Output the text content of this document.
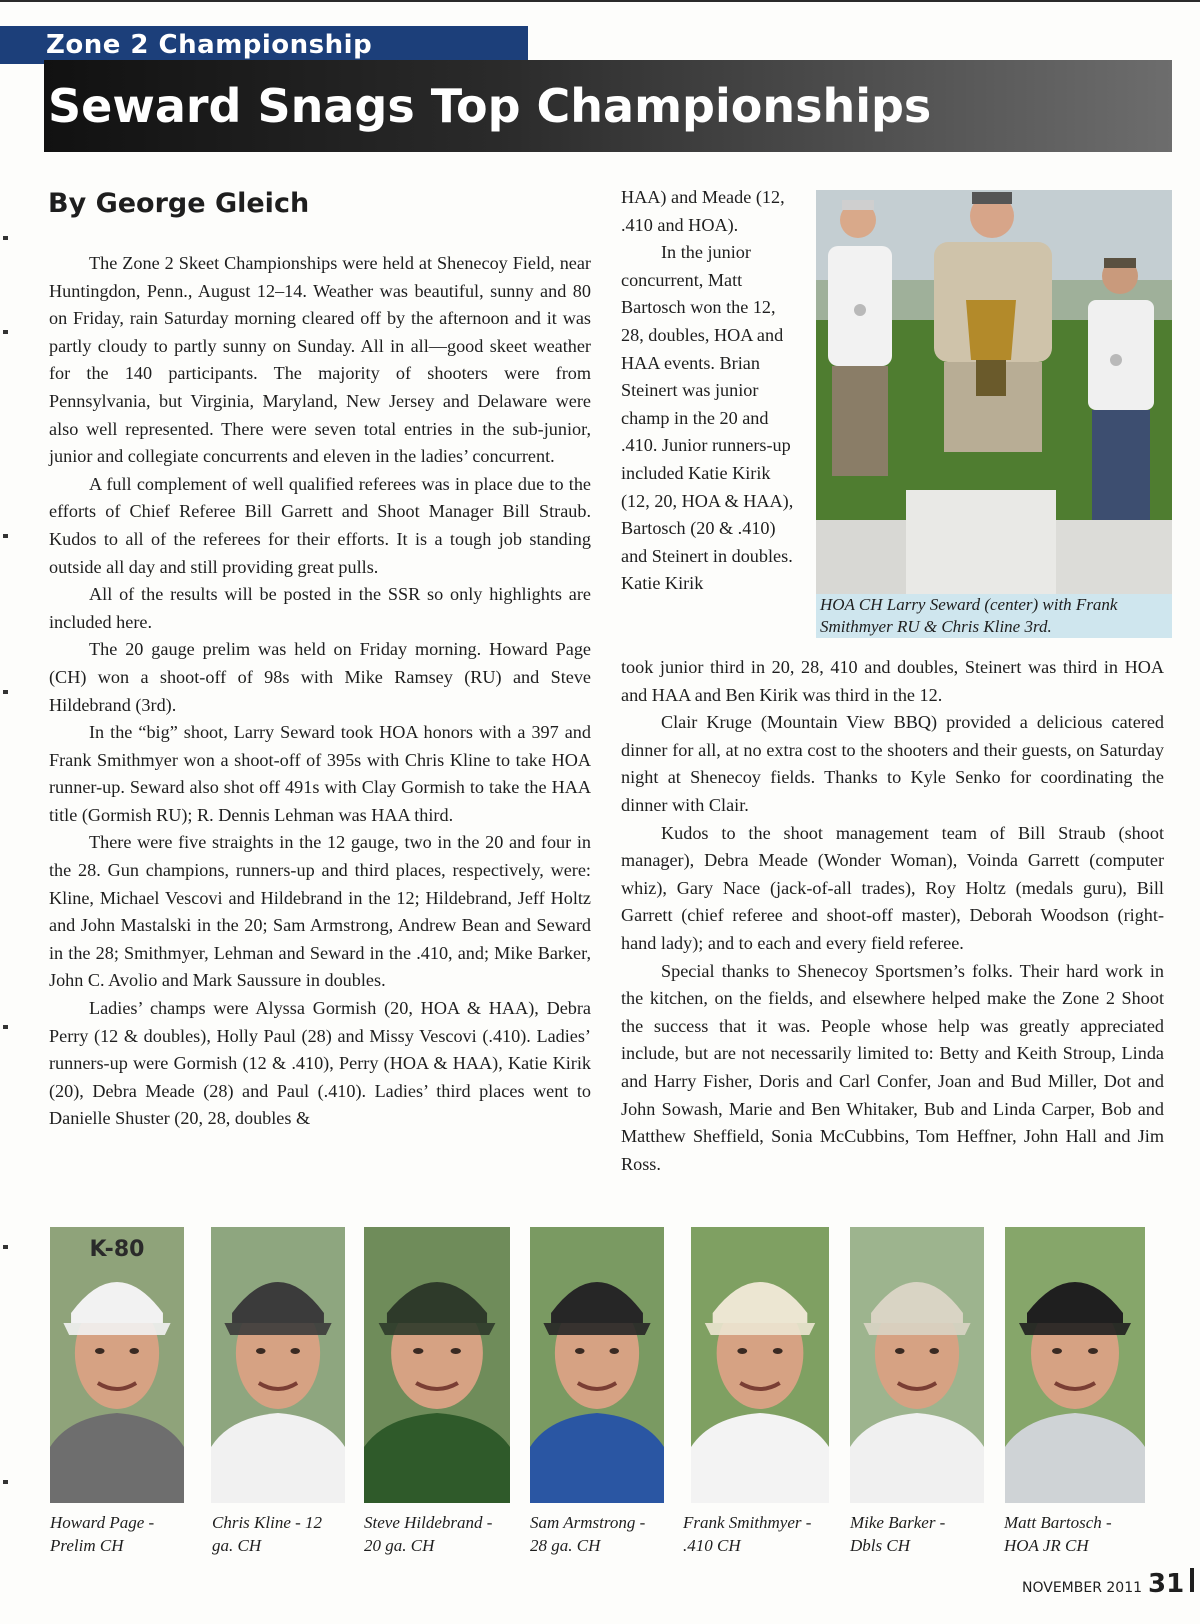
Zone 2 Championship
Seward Snags Top Championships
By George Gleich

The Zone 2 Skeet Championships were held at Shenecoy Field, near Huntingdon, Penn., August 12–14. Weather was beautiful, sunny and 80 on Friday, rain Saturday morning cleared off by the afternoon and it was partly cloudy to partly sunny on Sunday. All in all—good skeet weather for the 140 participants. The majority of shooters were from Pennsylvania, but Virginia, Maryland, New Jersey and Delaware were also well represented. There were seven total entries in the sub-junior, junior and collegiate concurrents and eleven in the ladies’ concurrent.

A full complement of well qualified referees was in place due to the efforts of Chief Referee Bill Garrett and Shoot Manager Bill Straub. Kudos to all of the referees for their efforts. It is a tough job standing outside all day and still providing great pulls.

All of the results will be posted in the SSR so only highlights are included here.

The 20 gauge prelim was held on Friday morning. Howard Page (CH) won a shoot-off of 98s with Mike Ramsey (RU) and Steve Hildebrand (3rd).

In the “big” shoot, Larry Seward took HOA honors with a 397 and Frank Smithmyer won a shoot-off of 395s with Chris Kline to take HOA runner-up. Seward also shot off 491s with Clay Gormish to take the HAA title (Gormish RU); R. Dennis Lehman was HAA third.

There were five straights in the 12 gauge, two in the 20 and four in the 28. Gun champions, runners-up and third places, respectively, were: Kline, Michael Vescovi and Hildebrand in the 12; Hildebrand, Jeff Holtz and John Mastalski in the 20; Sam Armstrong, Andrew Bean and Seward in the 28; Smithmyer, Lehman and Seward in the .410, and; Mike Barker, John C. Avolio and Mark Saussure in doubles.

Ladies’ champs were Alyssa Gormish (20, HOA & HAA), Debra Perry (12 & doubles), Holly Paul (28) and Missy Vescovi (.410). Ladies’ runners-up were Gormish (12 & .410), Perry (HOA & HAA), Katie Kirik (20), Debra Meade (28) and Paul (.410). Ladies’ third places went to Danielle Shuster (20, 28, doubles &

HAA) and Meade (12, .410 and HOA).

In the junior concurrent, Matt Bartosch won the 12, 28, doubles, HOA and HAA events. Brian Steinert was junior champ in the 20 and .410. Junior runners-up included Katie Kirik (12, 20, HOA & HAA), Bartosch (20 & .410) and Steinert in doubles. Katie Kirik

HOA CH Larry Seward (center) with Frank Smithmyer RU & Chris Kline 3rd.

took junior third in 20, 28, 410 and doubles, Steinert was third in HOA and HAA and Ben Kirik was third in the 12.

Clair Kruge (Mountain View BBQ) provided a delicious catered dinner for all, at no extra cost to the shooters and their guests, on Saturday night at Shenecoy fields. Thanks to Kyle Senko for coordinating the dinner with Clair.

Kudos to the shoot management team of Bill Straub (shoot manager), Debra Meade (Wonder Woman), Voinda Garrett (computer whiz), Gary Nace (jack-of-all trades), Roy Holtz (medals guru), Bill Garrett (chief referee and shoot-off master), Deborah Woodson (right-hand lady); and to each and every field referee.

Special thanks to Shenecoy Sportsmen’s folks. Their hard work in the kitchen, on the fields, and elsewhere helped make the Zone 2 Shoot the success that it was. People whose help was greatly appreciated include, but are not necessarily limited to: Betty and Keith Stroup, Linda and Harry Fisher, Doris and Carl Confer, Joan and Bud Miller, Dot and John Sowash, Marie and Ben Whitaker, Bub and Linda Carper, Bob and Matthew Sheffield, Sonia McCubbins, Tom Heffner, John Hall and Jim Ross.

K-80
Howard Page -
Prelim CH
Chris Kline - 12
ga. CH
Steve Hildebrand -
20 ga. CH
Sam Armstrong -
28 ga. CH
Frank Smithmyer -
.410 CH
Mike Barker -
Dbls CH
Matt Bartosch -
HOA JR CH
NOVEMBER 2011 31
